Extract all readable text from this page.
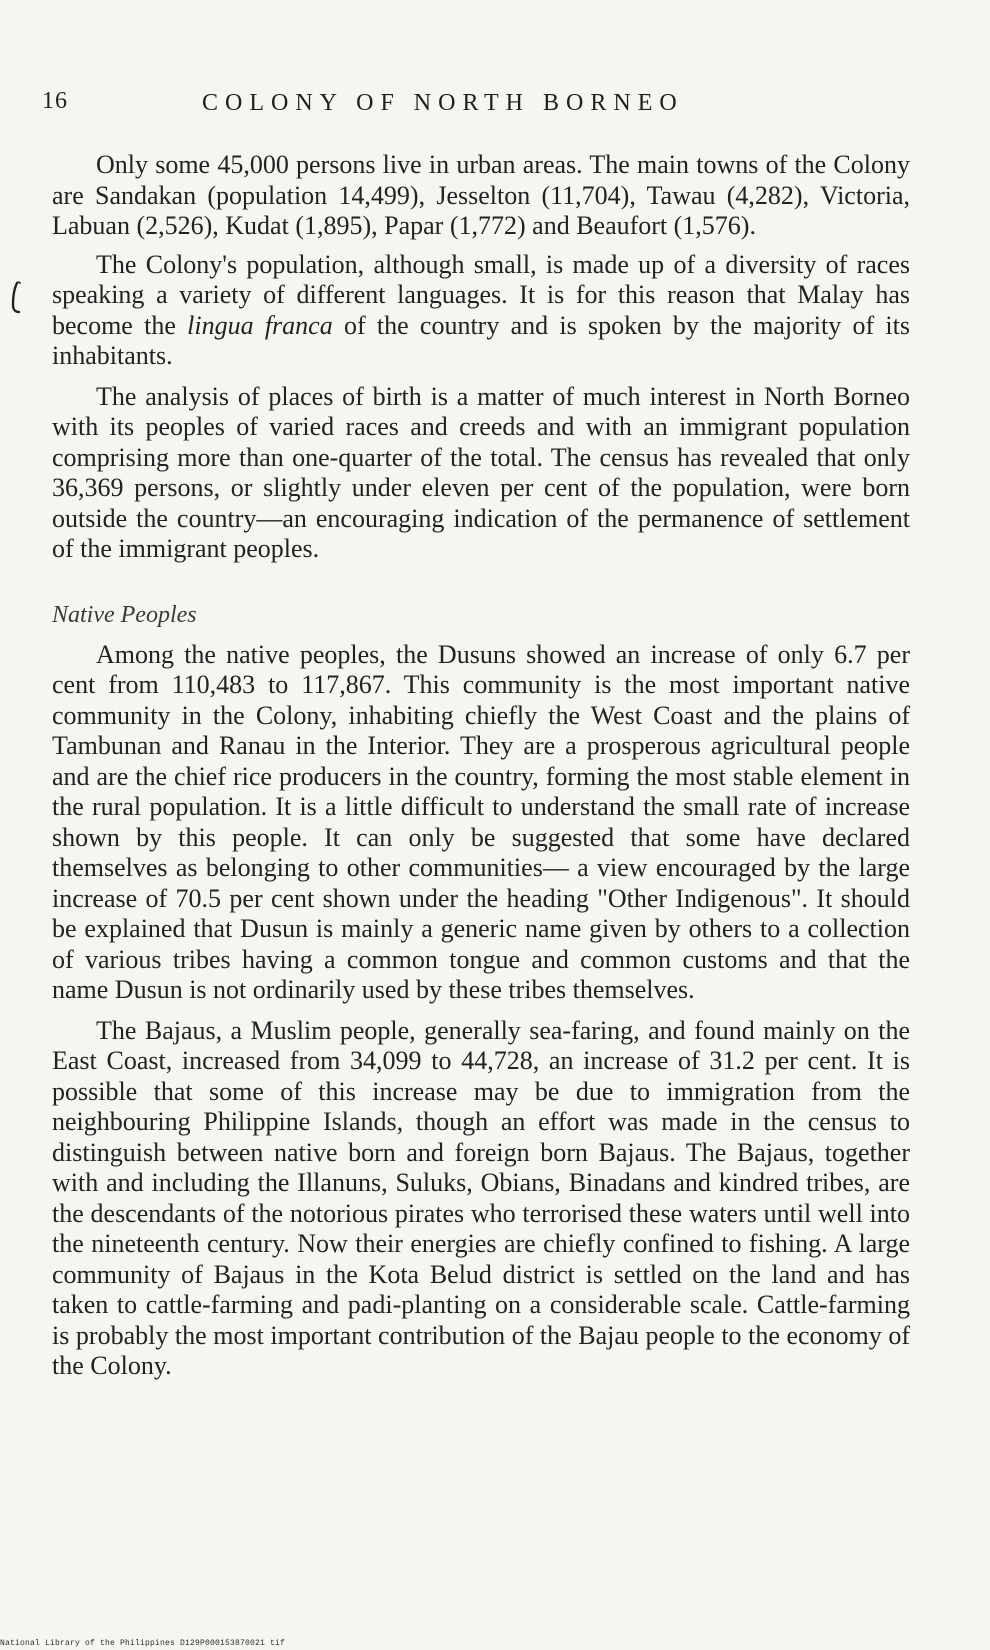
16	COLONY OF NORTH BORNEO

Only some 45,000 persons live in urban areas. The main towns of the Colony are Sandakan (population 14,499), Jesselton (11,704), Tawau (4,282), Victoria, Labuan (2,526), Kudat (1,895), Papar (1,772) and Beaufort (1,576).

The Colony's population, although small, is made up of a diversity of races speaking a variety of different languages. It is for this reason that Malay has become the lingua franca of the country and is spoken by the majority of its inhabitants.

The analysis of places of birth is a matter of much interest in North Borneo with its peoples of varied races and creeds and with an immigrant population comprising more than one-quarter of the total. The census has revealed that only 36,369 persons, or slightly under eleven per cent of the population, were born outside the country—an encouraging indication of the permanence of settlement of the immigrant peoples.

Native Peoples

Among the native peoples, the Dusuns showed an increase of only 6.7 per cent from 110,483 to 117,867. This community is the most important native community in the Colony, inhabiting chiefly the West Coast and the plains of Tambunan and Ranau in the Interior. They are a prosperous agricultural people and are the chief rice producers in the country, forming the most stable element in the rural population. It is a little difficult to understand the small rate of increase shown by this people. It can only be suggested that some have declared themselves as belonging to other communities— a view encouraged by the large increase of 70.5 per cent shown under the heading "Other Indigenous". It should be explained that Dusun is mainly a generic name given by others to a collection of various tribes having a common tongue and common customs and that the name Dusun is not ordinarily used by these tribes themselves.

The Bajaus, a Muslim people, generally sea-faring, and found mainly on the East Coast, increased from 34,099 to 44,728, an increase of 31.2 per cent. It is possible that some of this increase may be due to immigration from the neighbouring Philippine Islands, though an effort was made in the census to distinguish between native born and foreign born Bajaus. The Bajaus, together with and including the Illanuns, Suluks, Obians, Binadans and kindred tribes, are the descendants of the notorious pirates who terrorised these waters until well into the nineteenth century. Now their energies are chiefly confined to fishing. A large community of Bajaus in the Kota Belud district is settled on the land and has taken to cattle-farming and padi-planting on a considerable scale. Cattle-farming is probably the most important contribution of the Bajau people to the economy of the Colony.

National Library of the Philippines D129P000153870021 tif
